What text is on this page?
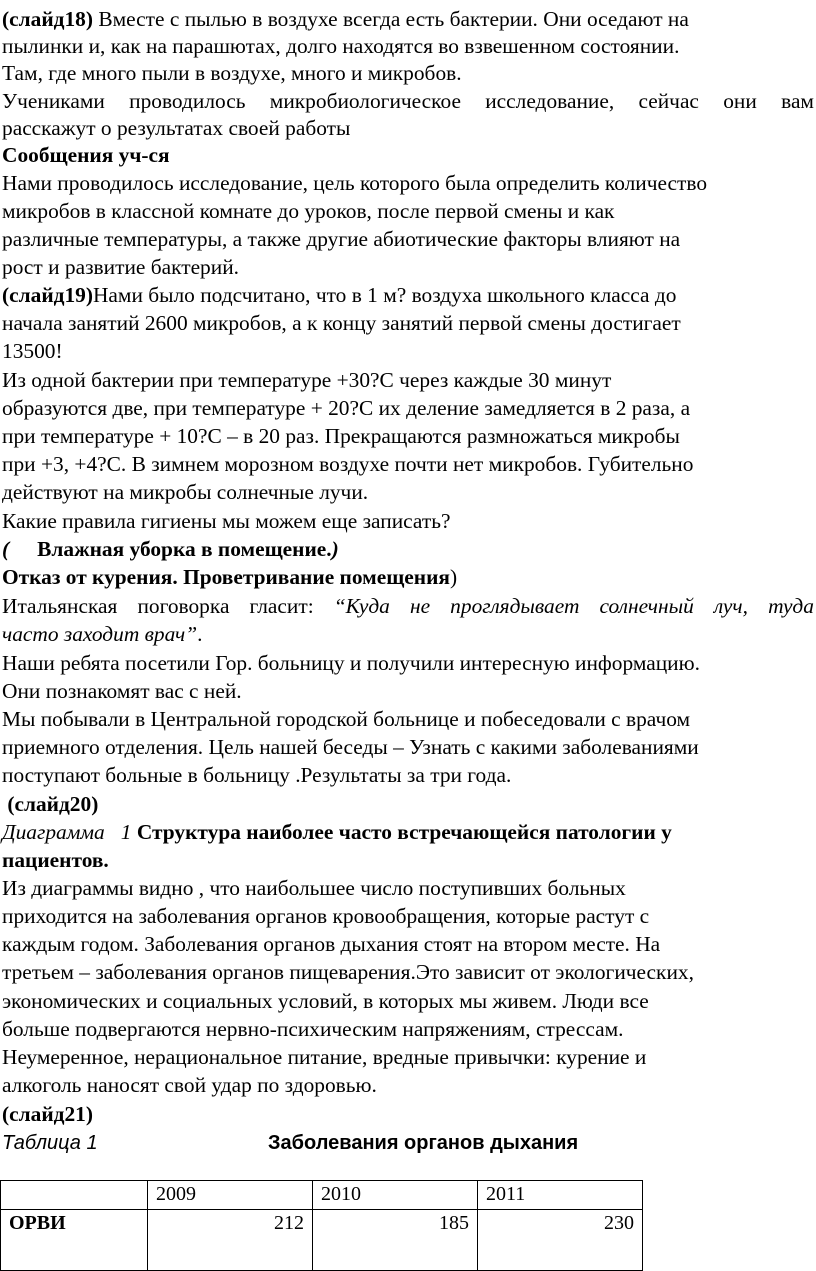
(слайд18) Вместе с пылью в воздухе всегда есть бактерии. Они оседают на
пылинки и, как на парашютах, долго находятся во взвешенном состоянии.
Там, где много пыли в воздухе, много и микробов.
Учениками проводилось микробиологическое исследование, сейчас они вам
расскажут о результатах своей работы
Сообщения уч-ся
Нами проводилось исследование, цель которого была определить количество
микробов в классной комнате до уроков, после первой смены и как
различные температуры, а также другие абиотические факторы влияют на
рост и развитие бактерий.
(слайд19)Нами было подсчитано, что в 1 м? воздуха школьного класса до
начала занятий 2600 микробов, а к концу занятий первой смены достигает
13500!
Из одной бактерии при температуре +30?С через каждые 30 минут
образуются две, при температуре + 20?С их деление замедляется в 2 раза, а
при температуре + 10?С – в 20 раз. Прекращаются размножаться микробы
при +3, +4?С. В зимнем морозном воздухе почти нет микробов. Губительно
действуют на микробы солнечные лучи.
Какие правила гигиены мы можем еще записать?
( Влажная уборка в помещение.)
Отказ от курения. Проветривание помещения)
Итальянская поговорка гласит: “Куда не проглядывает солнечный луч, туда
часто заходит врач”.
Наши ребята посетили Гор. больницу и получили интересную информацию.
Они познакомят вас с ней.
Мы побывали в Центральной городской больнице и побеседовали с врачом
приемного отделения. Цель нашей беседы – Узнать с какими заболеваниями
поступают больные в больницу .Результаты за три года.
(слайд20)
Диаграмма   1 Структура наиболее часто встречающейся патологии у
пациентов.
Из диаграммы видно , что наибольшее число поступивших больных
приходится на заболевания органов кровообращения, которые растут с
каждым годом. Заболевания органов дыхания стоят на втором месте. На
третьем – заболевания органов пищеварения.Это зависит от экологических,
экономических и социальных условий, в которых мы живем. Люди все
больше подвергаются нервно-психическим напряжениям, стрессам.
Неумеренное, нерациональное питание, вредные привычки: курение и
алкоголь наносят свой удар по здоровью.
(слайд21)
Таблица 1	Заболевания органов дыхания
	2009	2010	2011
ОРВИ	212	185	230
